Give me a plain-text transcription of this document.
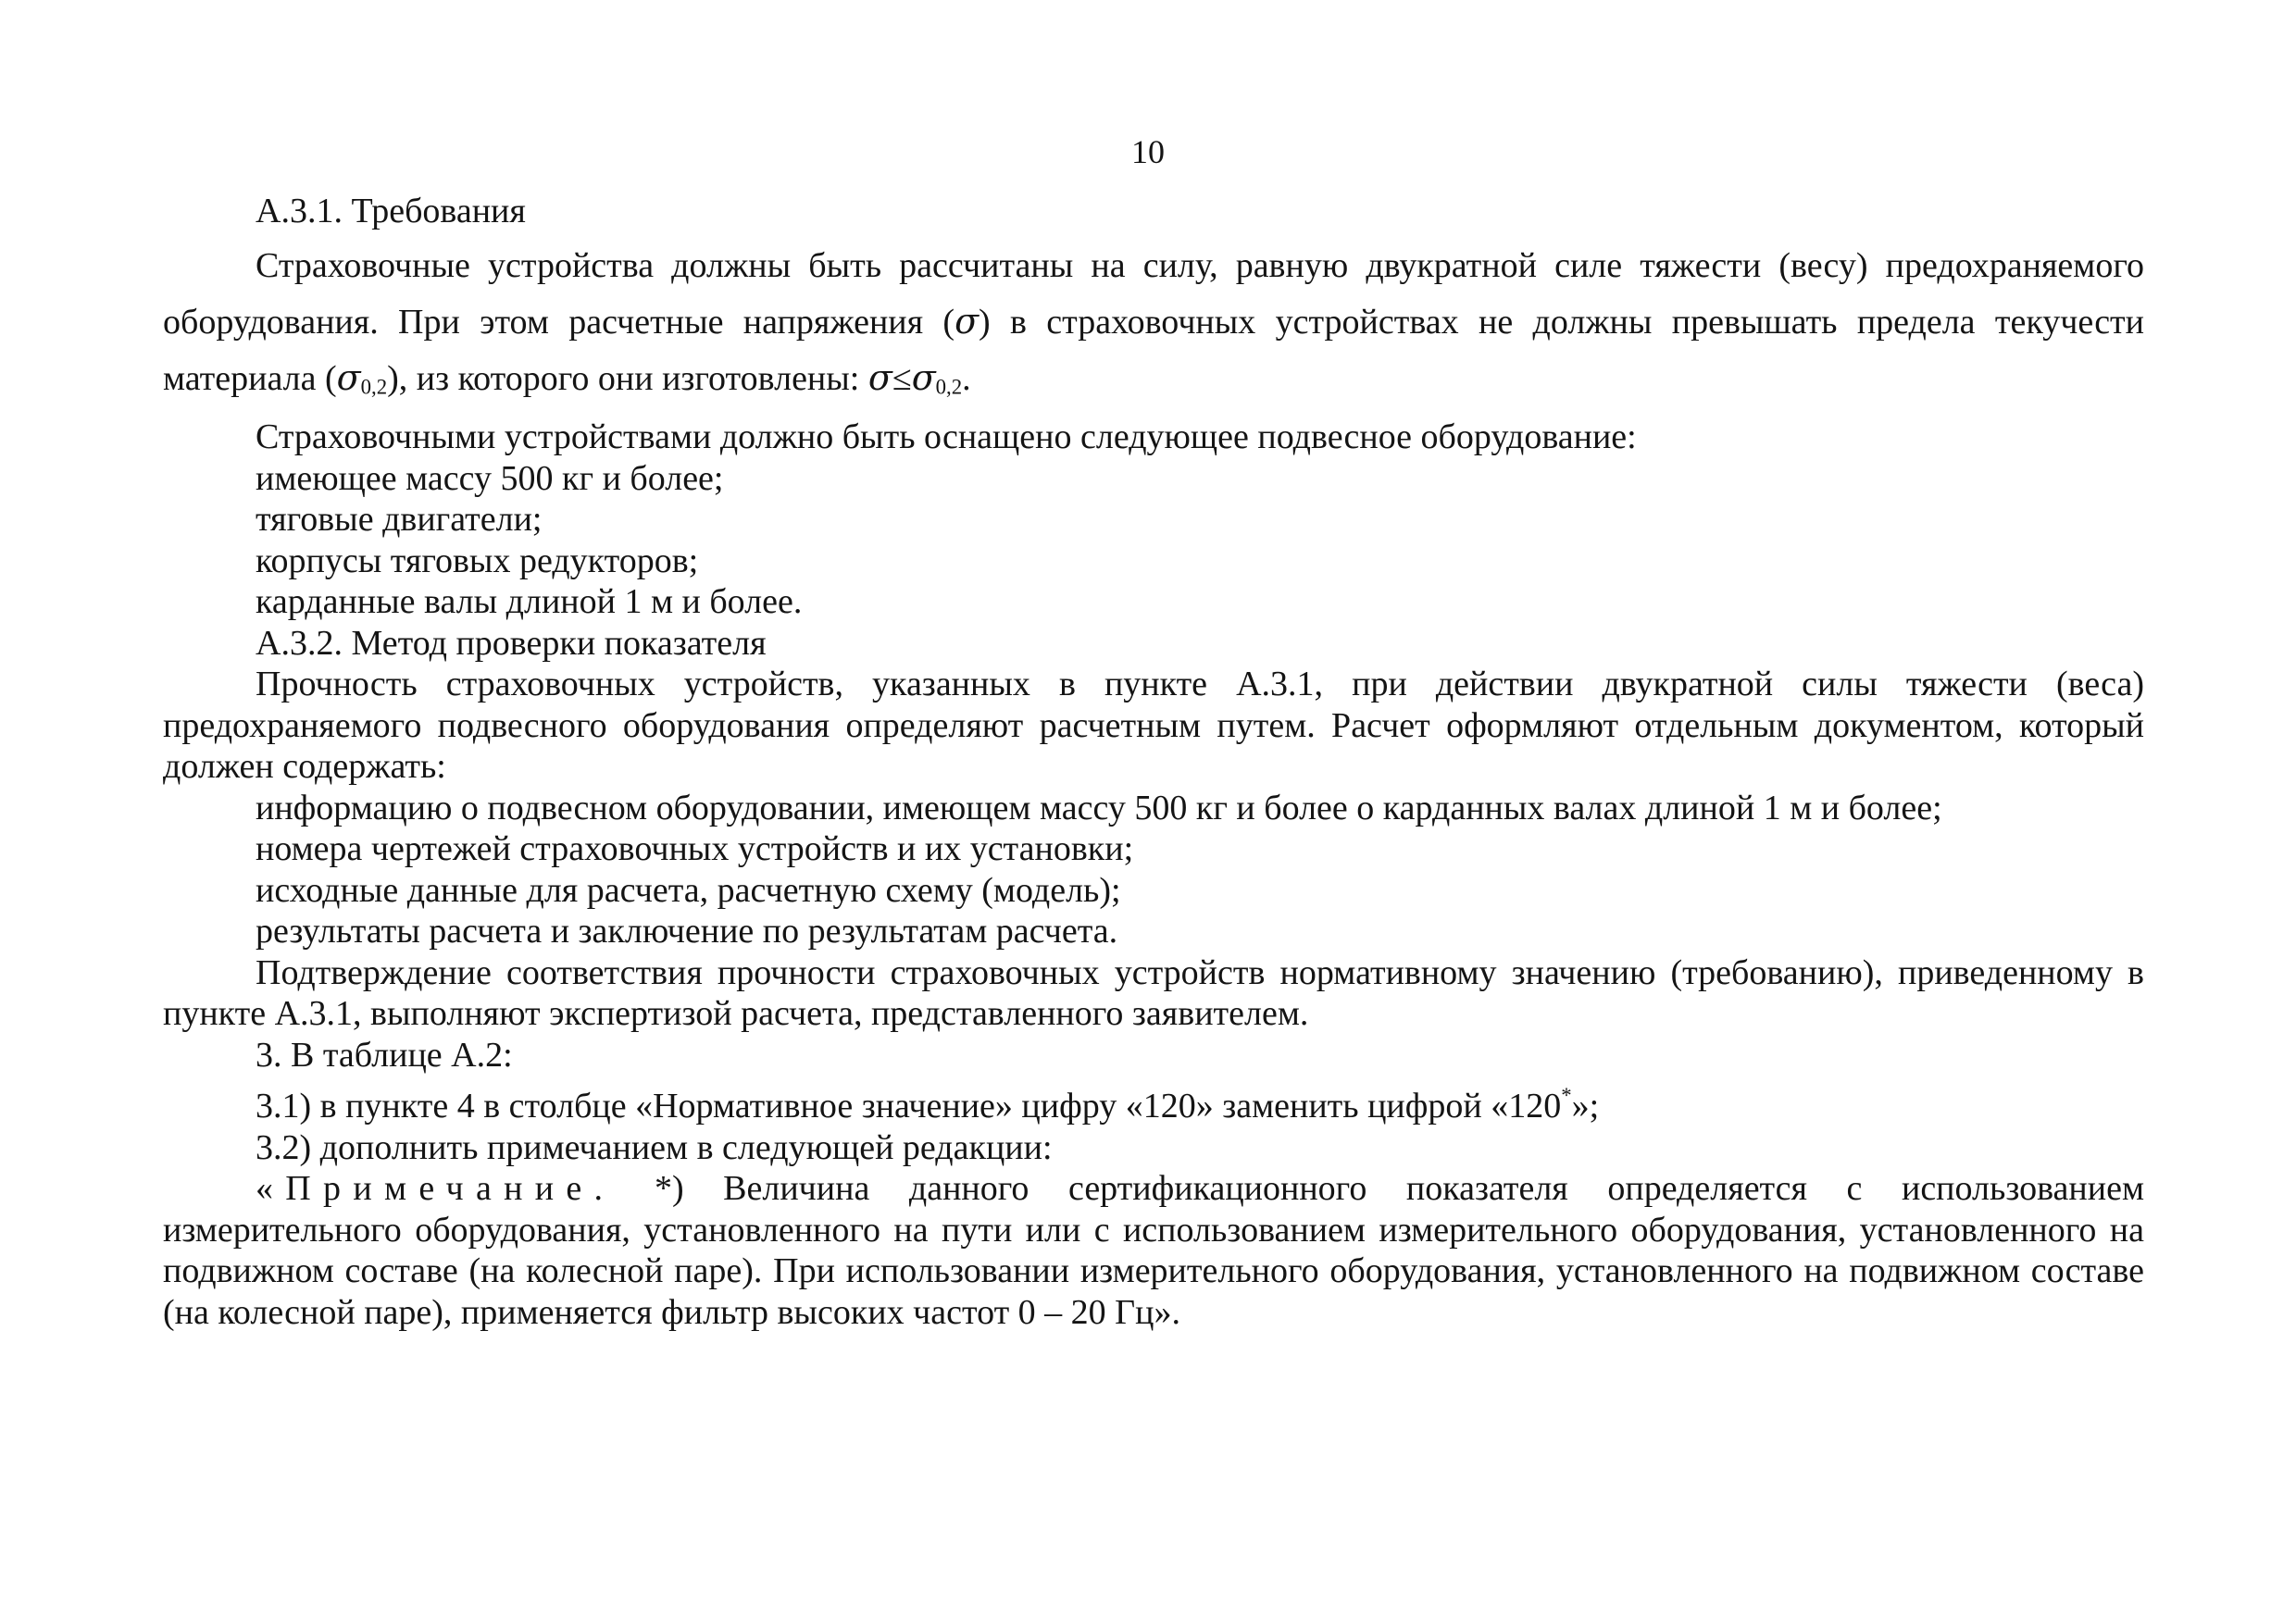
10

А.3.1. Требования

Страховочные устройства должны быть рассчитаны на силу, равную двукратной силе тяжести (весу) предохраняемого оборудования. При этом расчетные напряжения (σ) в страховочных устройствах не должны превышать предела текучести материала (σ0,2), из которого они изготовлены: σ≤σ0,2.

Страховочными устройствами должно быть оснащено следующее подвесное оборудование:

имеющее массу 500 кг и более;

тяговые двигатели;

корпусы тяговых редукторов;

карданные валы длиной 1 м и более.

А.3.2. Метод проверки показателя

Прочность страховочных устройств, указанных в пункте А.3.1, при действии двукратной силы тяжести (веса) предохраняемого подвесного оборудования определяют расчетным путем. Расчет оформляют отдельным документом, который должен содержать:

информацию о подвесном оборудовании, имеющем массу 500 кг и более о карданных валах длиной 1 м и более;

номера чертежей страховочных устройств и их установки;

исходные данные для расчета, расчетную схему (модель);

результаты расчета и заключение по результатам расчета.

Подтверждение соответствия прочности страховочных устройств нормативному значению (требованию), приведенному в пункте А.3.1, выполняют экспертизой расчета, представленного заявителем.

3. В таблице А.2:

3.1) в пункте 4 в столбце «Нормативное значение» цифру «120» заменить цифрой «120*»;

3.2) дополнить примечанием в следующей редакции:

«Примечание. *) Величина данного сертификационного показателя определяется с использованием измерительного оборудования, установленного на пути или с использованием измерительного оборудования, установленного на подвижном составе (на колесной паре). При использовании измерительного оборудования, установленного на подвижном составе (на колесной паре), применяется фильтр высоких частот 0 – 20 Гц».
